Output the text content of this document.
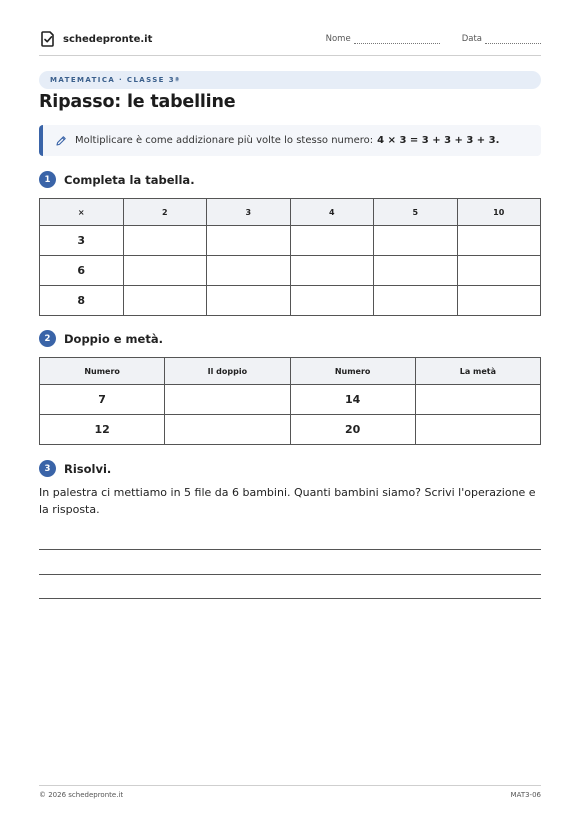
schedepronte.it	Nome	Data
MATEMATICA · CLASSE 3ª
Ripasso: le tabelline
Moltiplicare è come addizionare più volte lo stesso numero: 4 × 3 = 3 + 3 + 3 + 3.
1	Completa la tabella.
×	2	3	4	5	10
3					
6					
8					
2	Doppio e metà.
Numero	Il doppio	Numero	La metà
7		14	
12		20	
3	Risolvi.
In palestra ci mettiamo in 5 file da 6 bambini. Quanti bambini siamo? Scrivi l'operazione e la risposta.
© 2026 schedepronte.it	MAT3-06
